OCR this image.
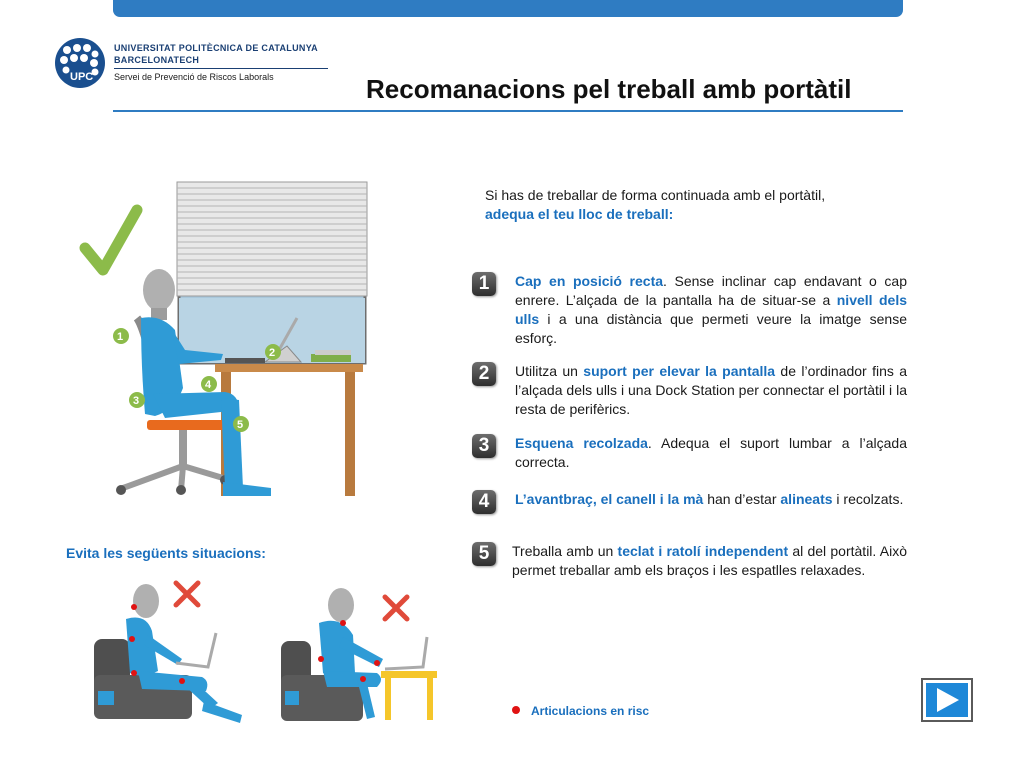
UPC
UNIVERSITAT POLITÈCNICA DE CATALUNYA
BARCELONATECH
Servei de Prevenció de Riscos Laborals	Recomanacions pel treball amb portàtil
1
2
3
4
5
Si has de treballar de forma continuada amb el portàtil,
adequa el teu lloc de treball:
1	Cap en posició recta. Sense inclinar cap endavant o cap enrere. L’alçada de la pantalla ha de situar-se a nivell dels ulls i a una distància que permeti veure la imatge sense esforç.
2	Utilitza un suport per elevar la pantalla de l’ordinador fins a l’alçada dels ulls i una Dock Station per connectar el portàtil i la resta de perifèrics.
3	Esquena recolzada. Adequa el suport lumbar a l’alçada correcta.
4	L’avantbraç, el canell i la mà han d’estar alineats i recolzats.
5	Treballa amb un teclat i ratolí independent al del portàtil. Això permet treballar amb els braços i les espatlles relaxades.
Evita les següents situacions:
Articulacions en risc
